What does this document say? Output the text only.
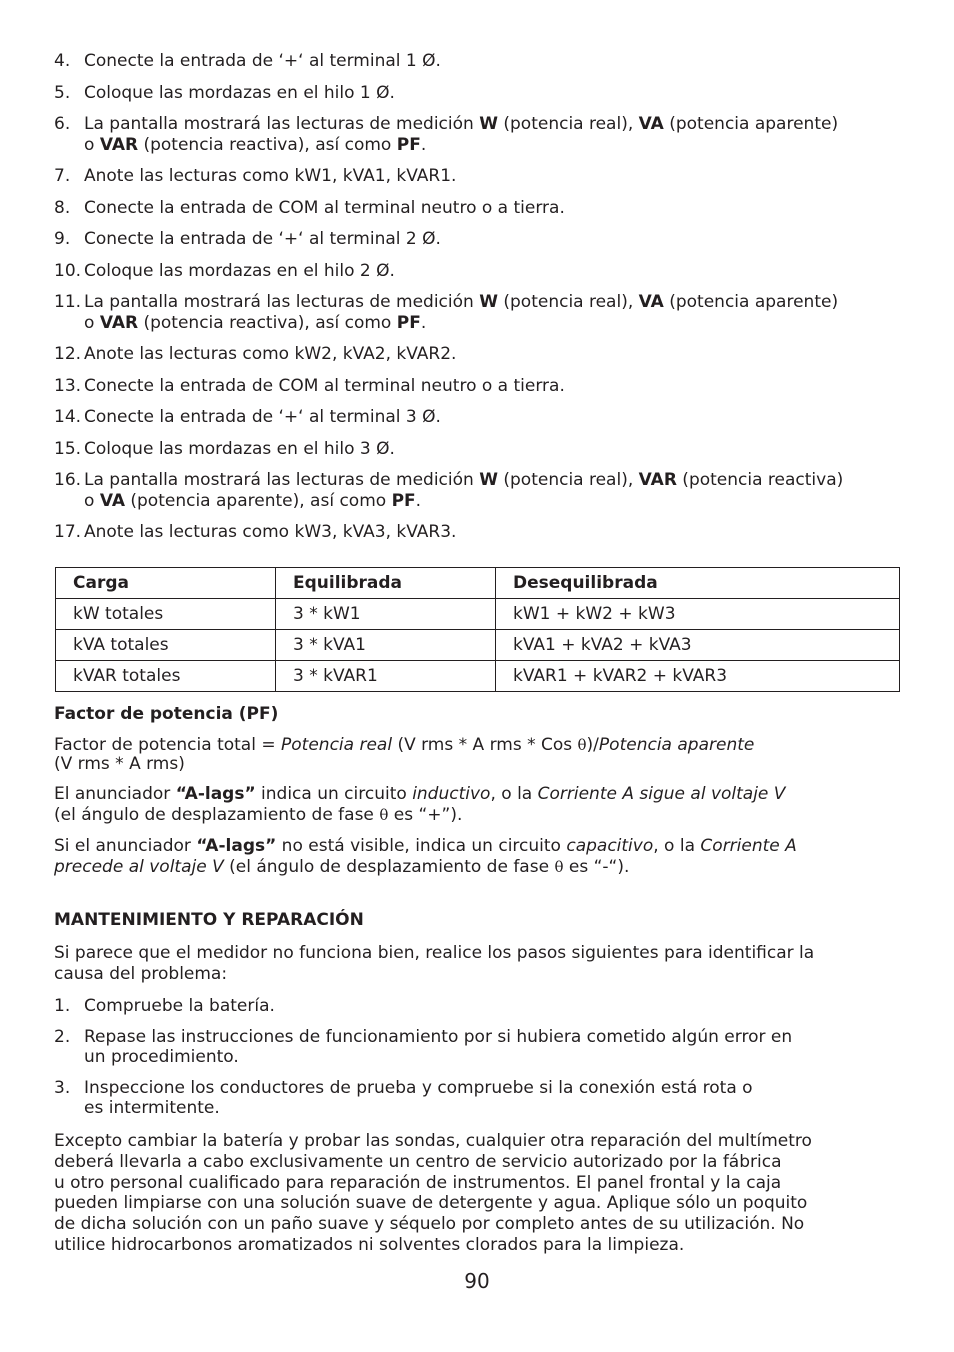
4. Conecte la entrada de ‘+‘ al terminal 1 Ø.
5. Coloque las mordazas en el hilo 1 Ø.
6. La pantalla mostrará las lecturas de medición W (potencia real), VA (potencia aparente)
o VAR (potencia reactiva), así como PF.
7. Anote las lecturas como kW1, kVA1, kVAR1.
8. Conecte la entrada de COM al terminal neutro o a tierra.
9. Conecte la entrada de ‘+‘ al terminal 2 Ø.
10. Coloque las mordazas en el hilo 2 Ø.
11. La pantalla mostrará las lecturas de medición W (potencia real), VA (potencia aparente)
o VAR (potencia reactiva), así como PF.
12. Anote las lecturas como kW2, kVA2, kVAR2.
13. Conecte la entrada de COM al terminal neutro o a tierra.
14. Conecte la entrada de ‘+‘ al terminal 3 Ø.
15. Coloque las mordazas en el hilo 3 Ø.
16. La pantalla mostrará las lecturas de medición W (potencia real), VAR (potencia reactiva)
o VA (potencia aparente), así como PF.
17. Anote las lecturas como kW3, kVA3, kVAR3.
Carga	Equilibrada	Desequilibrada
kW totales	3 * kW1	kW1 + kW2 + kW3
kVA totales	3 * kVA1	kVA1 + kVA2 + kVA3
kVAR totales	3 * kVAR1	kVAR1 + kVAR2 + kVAR3
Factor de potencia (PF)
Factor de potencia total = Potencia real (V rms * A rms * Cos θ)/Potencia aparente
(V rms * A rms)
El anunciador “A-lags” indica un circuito inductivo, o la Corriente A sigue al voltaje V
(el ángulo de desplazamiento de fase θ es “+”).
Si el anunciador “A-lags” no está visible, indica un circuito capacitivo, o la Corriente A
precede al voltaje V (el ángulo de desplazamiento de fase θ es “-“).
MANTENIMIENTO Y REPARACIÓN
Si parece que el medidor no funciona bien, realice los pasos siguientes para identificar la
causa del problema:
1. Compruebe la batería.
2. Repase las instrucciones de funcionamiento por si hubiera cometido algún error en
un procedimiento.
3. Inspeccione los conductores de prueba y compruebe si la conexión está rota o
es intermitente.
Excepto cambiar la batería y probar las sondas, cualquier otra reparación del multímetro
deberá llevarla a cabo exclusivamente un centro de servicio autorizado por la fábrica
u otro personal cualificado para reparación de instrumentos. El panel frontal y la caja
pueden limpiarse con una solución suave de detergente y agua. Aplique sólo un poquito
de dicha solución con un paño suave y séquelo por completo antes de su utilización. No
utilice hidrocarbonos aromatizados ni solventes clorados para la limpieza.
90
